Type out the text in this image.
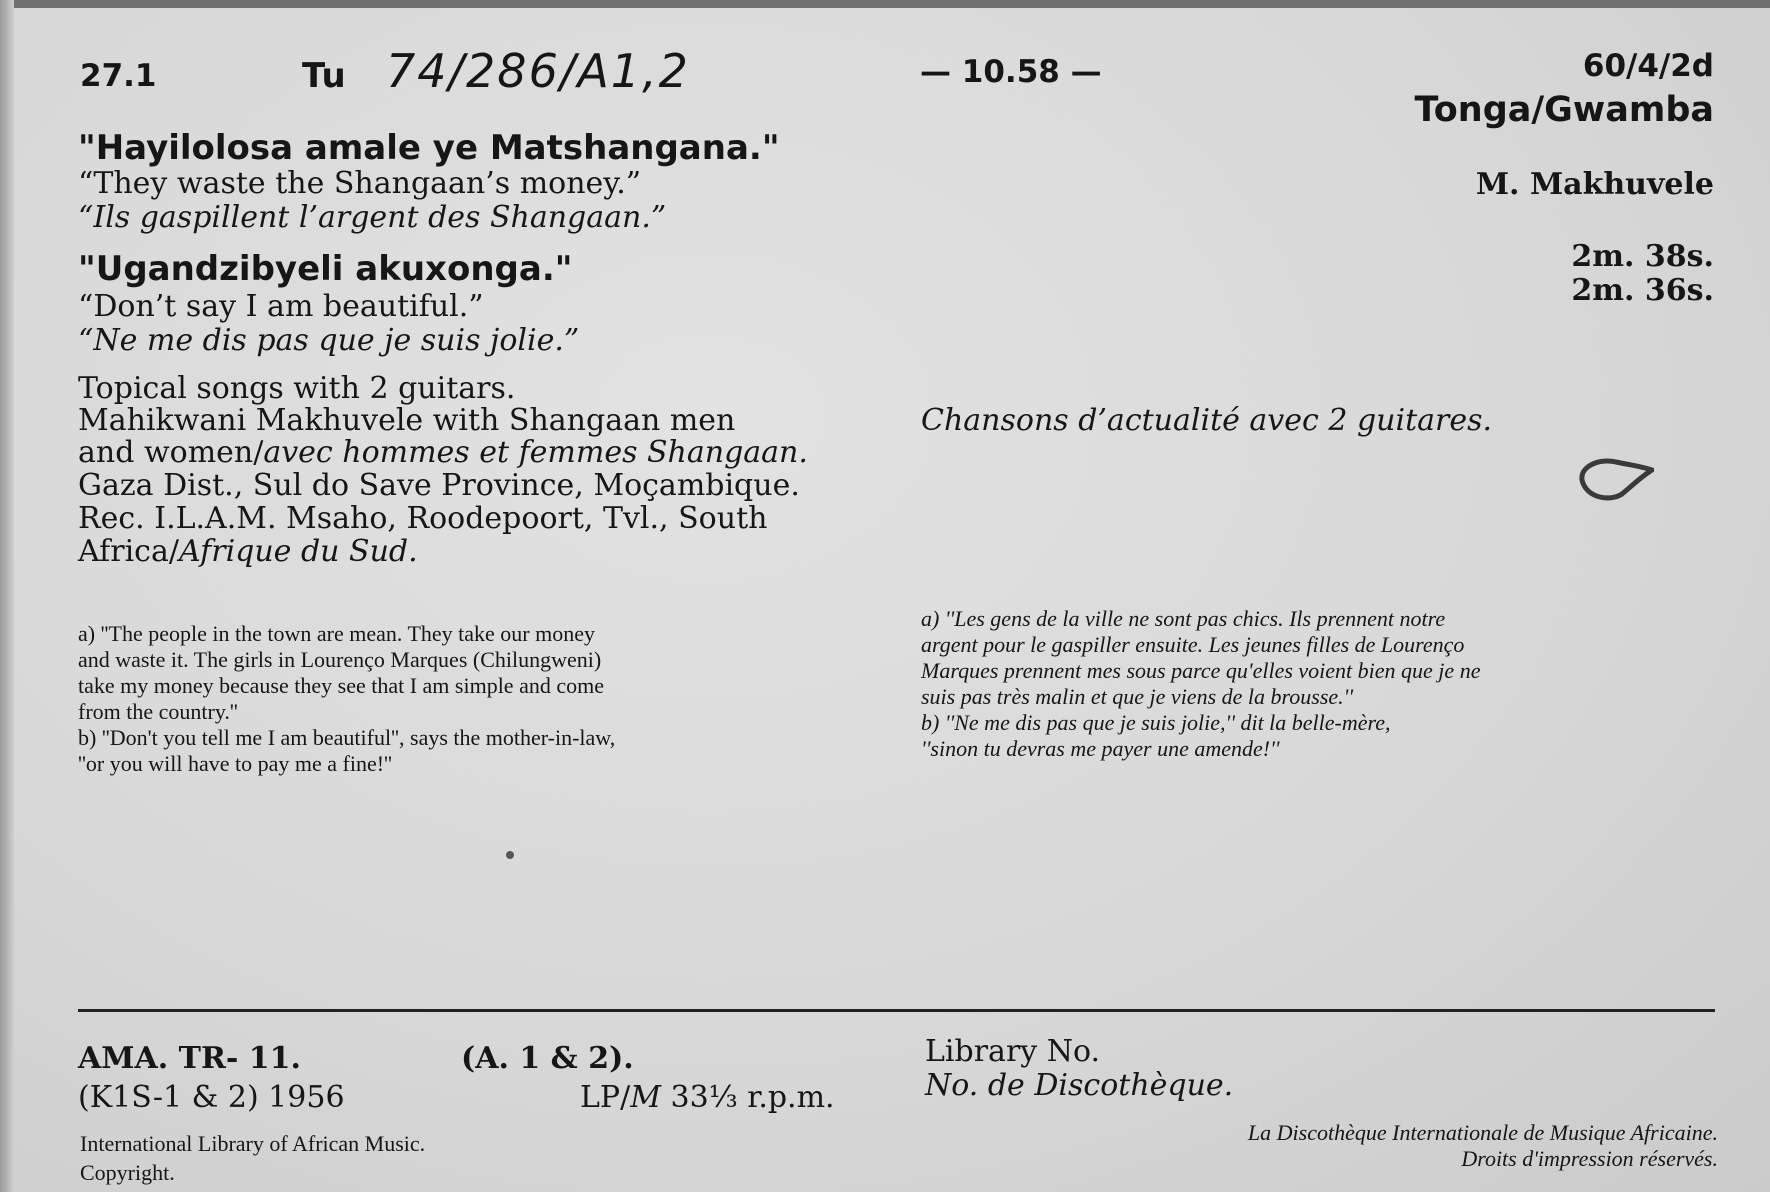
27.1	Tu 74/286/A1,2	— 10.58 —	60/4/2d
Tonga/Gwamba
"Hayilolosa amale ye Matshangana."
“They waste the Shangaan’s money.”
“Ils gaspillent l’argent des Shangaan.”
"Ugandzibyeli akuxonga."
“Don’t say I am beautiful.”
“Ne me dis pas que je suis jolie.”
M. Makhuvele
2m. 38s.
2m. 36s.
Topical songs with 2 guitars.
Mahikwani Makhuvele with Shangaan men
and women/avec hommes et femmes Shangaan.
Gaza Dist., Sul do Save Province, Moçambique.
Rec. I.L.A.M. Msaho, Roodepoort, Tvl., South
Africa/Afrique du Sud.
Chansons d’actualité avec 2 guitares.
a) ''The people in the town are mean. They take our money
and waste it. The girls in Lourenço Marques (Chilungweni)
take my money because they see that I am simple and come
from the country.''
b) ''Don't you tell me I am beautiful'', says the mother-in-law,
''or you will have to pay me a fine!''
a) ''Les gens de la ville ne sont pas chics. Ils prennent notre
argent pour le gaspiller ensuite. Les jeunes filles de Lourenço
Marques prennent mes sous parce qu'elles voient bien que je ne
suis pas très malin et que je viens de la brousse.''
b) ''Ne me dis pas que je suis jolie,'' dit la belle-mère,
''sinon tu devras me payer une amende!''
AMA. TR- 11.	(A. 1 & 2).
(K1S-1 & 2) 1956	LP/M 33⅓ r.p.m.
Library No.
No. de Discothèque.
International Library of African Music.
Copyright.
La Discothèque Internationale de Musique Africaine.
Droits d'impression réservés.
